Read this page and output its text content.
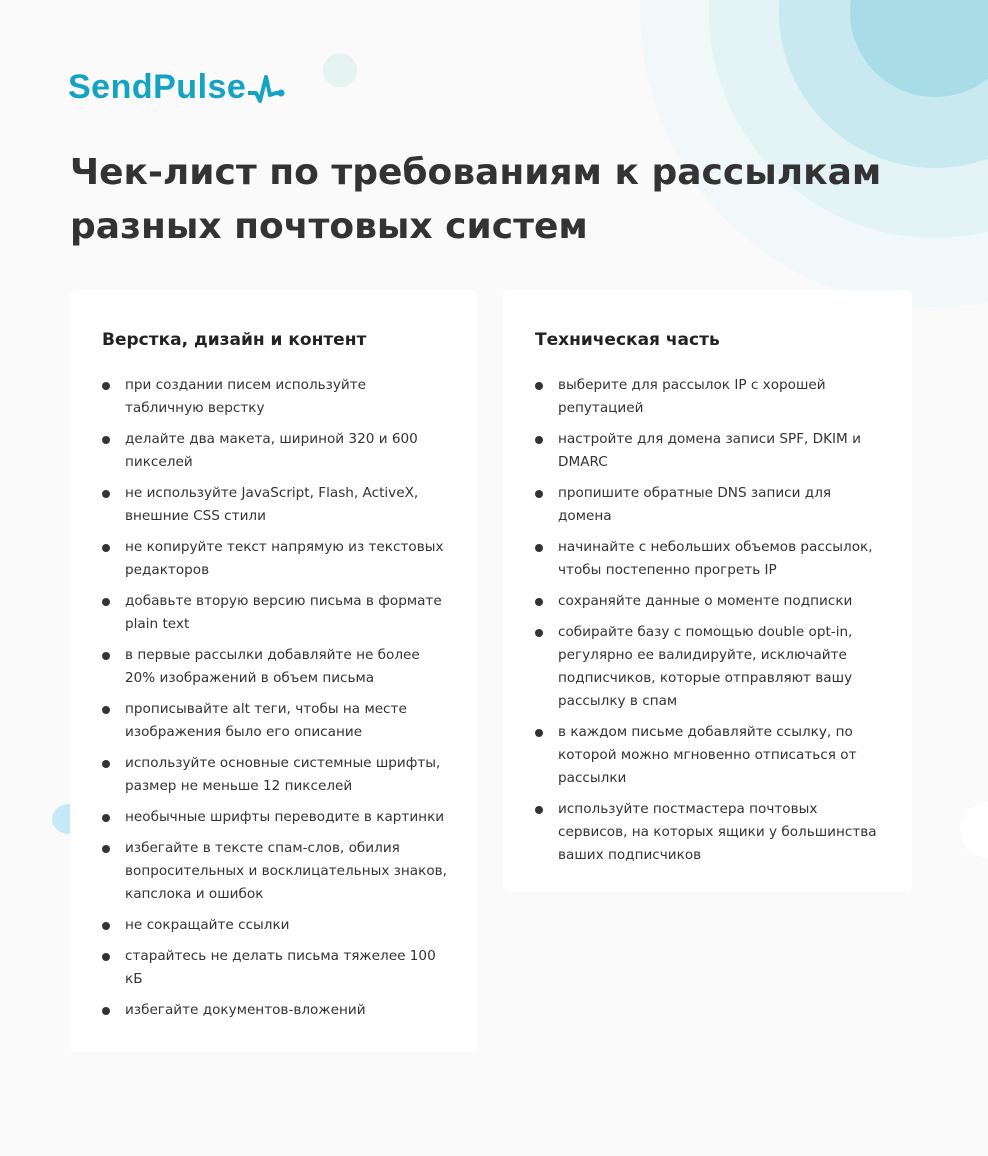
SendPulse
Чек-лист по требованиям к рассылкам разных почтовых систем
Верстка, дизайн и контент
при создании писем используйте табличную верстку
делайте два макета, шириной 320 и 600 пикселей
не используйте JavaScript, Flash, ActiveX, внешние CSS стили
не копируйте текст напрямую из текстовых редакторов
добавьте вторую версию письма в формате plain text
в первые рассылки добавляйте не более 20% изображений в объем письма
прописывайте alt теги, чтобы на месте изображения было его описание
используйте основные системные шрифты, размер не меньше 12 пикселей
необычные шрифты переводите в картинки
избегайте в тексте спам-слов, обилия вопросительных и восклицательных знаков, капслока и ошибок
не сокращайте ссылки
старайтесь не делать письма тяжелее 100 кБ
избегайте документов-вложений
Техническая часть
выберите для рассылок IP с хорошей репутацией
настройте для домена записи SPF, DKIM и DMARC
пропишите обратные DNS записи для домена
начинайте с небольших объемов рассылок, чтобы постепенно прогреть IP
сохраняйте данные о моменте подписки
собирайте базу с помощью double opt-in, регулярно ее валидируйте, исключайте подписчиков, которые отправляют вашу рассылку в спам
в каждом письме добавляйте ссылку, по которой можно мгновенно отписаться от рассылки
используйте постмастера почтовых сервисов, на которых ящики у большинства ваших подписчиков
